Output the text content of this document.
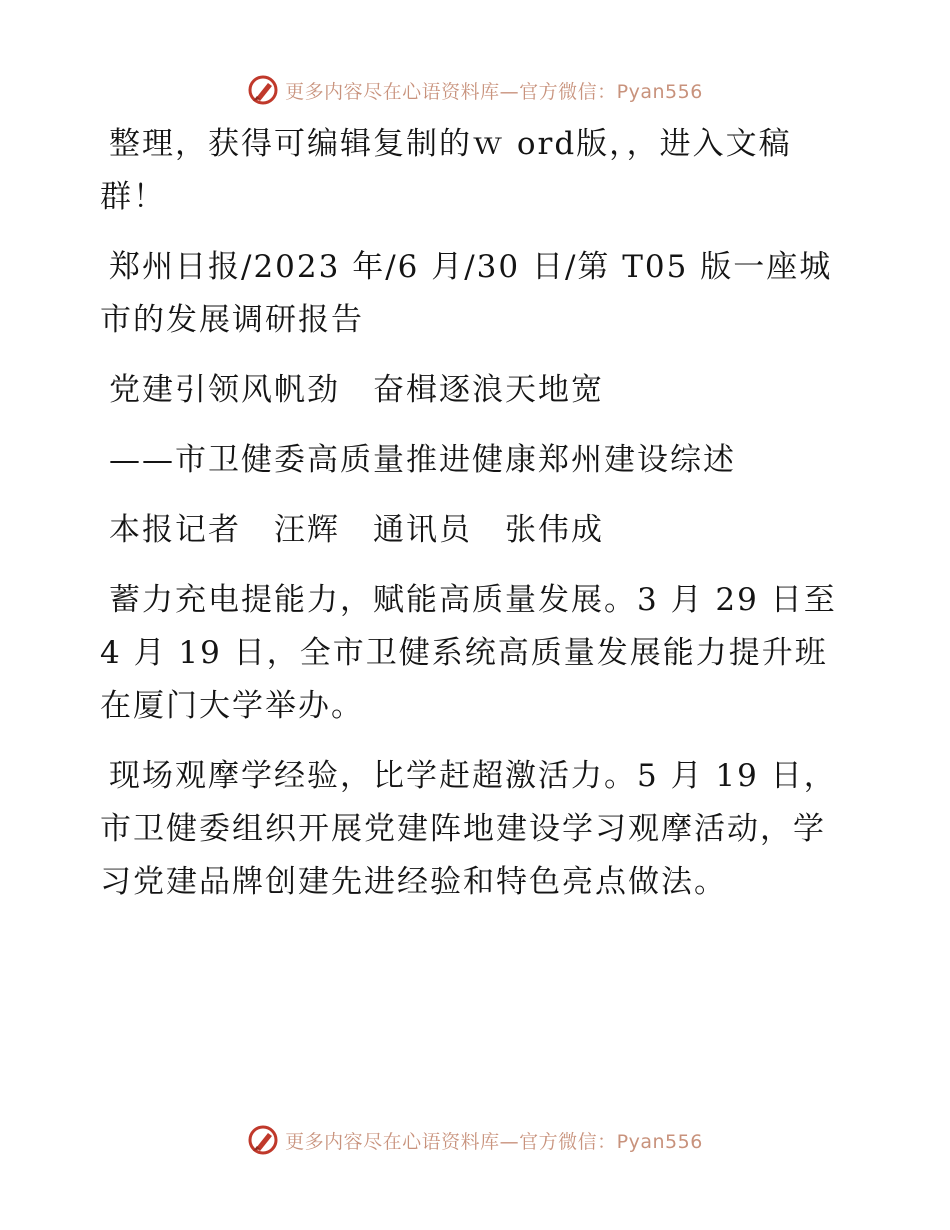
更多内容尽在心语资料库—官方微信：Pyan556

整理，获得可编辑复制的ｗ ord版，，进入文稿群！

郑州日报/2023 年/6 月/30 日/第 T05 版一座城市的发展调研报告

党建引领风帆劲　奋楫逐浪天地宽

——市卫健委高质量推进健康郑州建设综述

本报记者　汪辉　通讯员　张伟成

蓄力充电提能力，赋能高质量发展。3 月 29 日至 4 月 19 日，全市卫健系统高质量发展能力提升班在厦门大学举办。

现场观摩学经验，比学赶超激活力。5 月 19 日，市卫健委组织开展党建阵地建设学习观摩活动，学习党建品牌创建先进经验和特色亮点做法。

更多内容尽在心语资料库—官方微信：Pyan556
